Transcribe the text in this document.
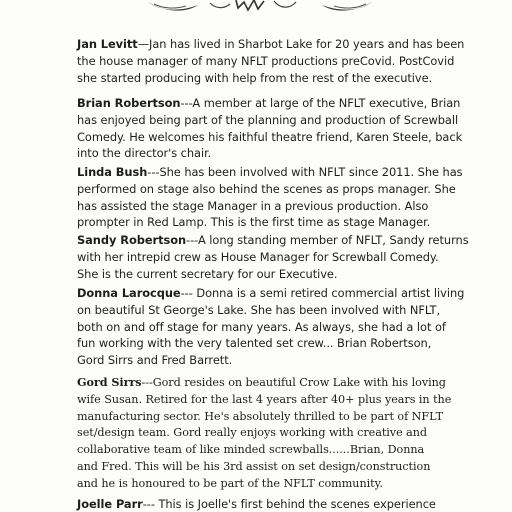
Jan Levitt—Jan has lived in Sharbot Lake for 20 years and has been
the house manager of many NFLT productions preCovid. PostCovid
she started producing with help from the rest of the executive.
Brian Robertson---A member at large of the NFLT executive, Brian
has enjoyed being part of the planning and production of Screwball
Comedy. He welcomes his faithful theatre friend, Karen Steele, back
into the director's chair.
Linda Bush---She has been involved with NFLT since 2011. She has
performed on stage also behind the scenes as props manager. She
has assisted the stage Manager in a previous production. Also
prompter in Red Lamp. This is the first time as stage Manager.
Sandy Robertson---A long standing member of NFLT, Sandy returns
with her intrepid crew as House Manager for Screwball Comedy.
She is the current secretary for our Executive.
Donna Larocque--- Donna is a semi retired commercial artist living
on beautiful St George's Lake. She has been involved with NFLT,
both on and off stage for many years. As always, she had a lot of
fun working with the very talented set crew... Brian Robertson,
Gord Sirrs and Fred Barrett.
Gord Sirrs---Gord resides on beautiful Crow Lake with his loving
wife Susan. Retired for the last 4 years after 40+ plus years in the
manufacturing sector. He's absolutely thrilled to be part of NFLT
set/design team. Gord really enjoys working with creative and
collaborative team of like minded screwballs......Brian, Donna
and Fred. This will be his 3rd assist on set design/construction
and he is honoured to be part of the NFLT community.
Joelle Parr--- This is Joelle's first behind the scenes experience
